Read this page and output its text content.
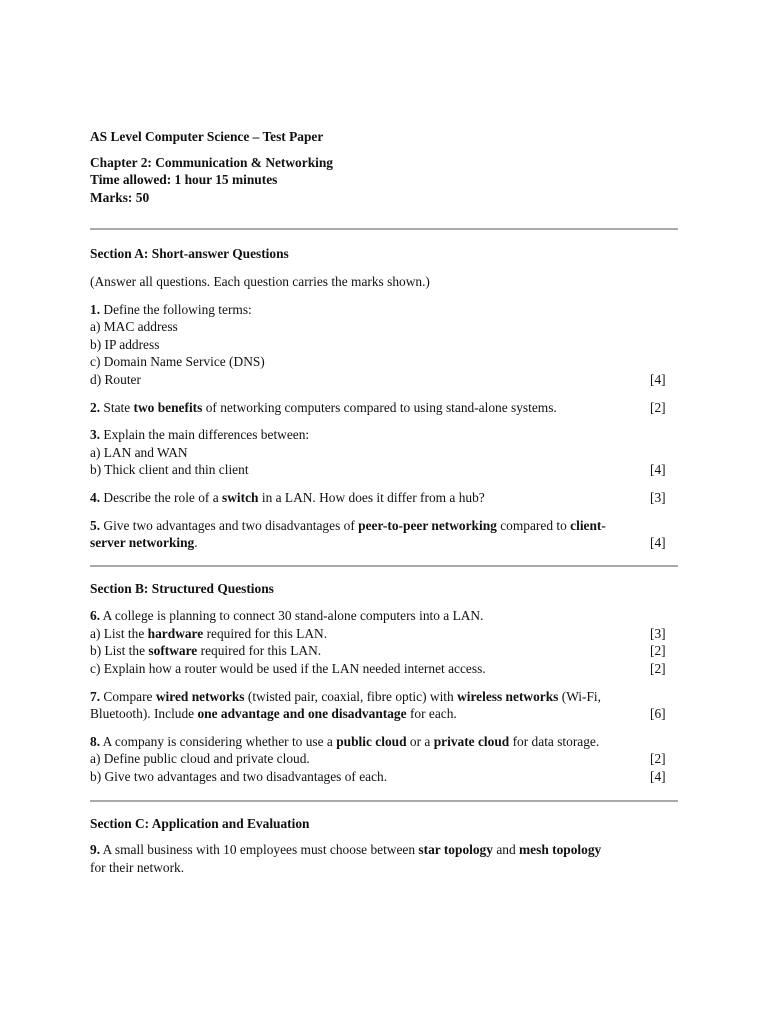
AS Level Computer Science – Test Paper

Chapter 2: Communication & Networking

Time allowed: 1 hour 15 minutes

Marks: 50

Section A: Short-answer Questions

(Answer all questions. Each question carries the marks shown.)

1. Define the following terms:
a) MAC address
b) IP address
c) Domain Name Service (DNS)
d) Router	[4]
2. State two benefits of networking computers compared to using stand-alone systems.	[2]
3. Explain the main differences between:
a) LAN and WAN
b) Thick client and thin client	[4]
4. Describe the role of a switch in a LAN. How does it differ from a hub?	[3]
5. Give two advantages and two disadvantages of peer-to-peer networking compared to client-
server networking.	[4]

Section B: Structured Questions

6. A college is planning to connect 30 stand-alone computers into a LAN.
a) List the hardware required for this LAN.	[3]
b) List the software required for this LAN.	[2]
c) Explain how a router would be used if the LAN needed internet access.	[2]
7. Compare wired networks (twisted pair, coaxial, fibre optic) with wireless networks (Wi-Fi,
Bluetooth). Include one advantage and one disadvantage for each.	[6]
8. A company is considering whether to use a public cloud or a private cloud for data storage.
a) Define public cloud and private cloud.	[2]
b) Give two advantages and two disadvantages of each.	[4]

Section C: Application and Evaluation

9. A small business with 10 employees must choose between star topology and mesh topology
for their network.
